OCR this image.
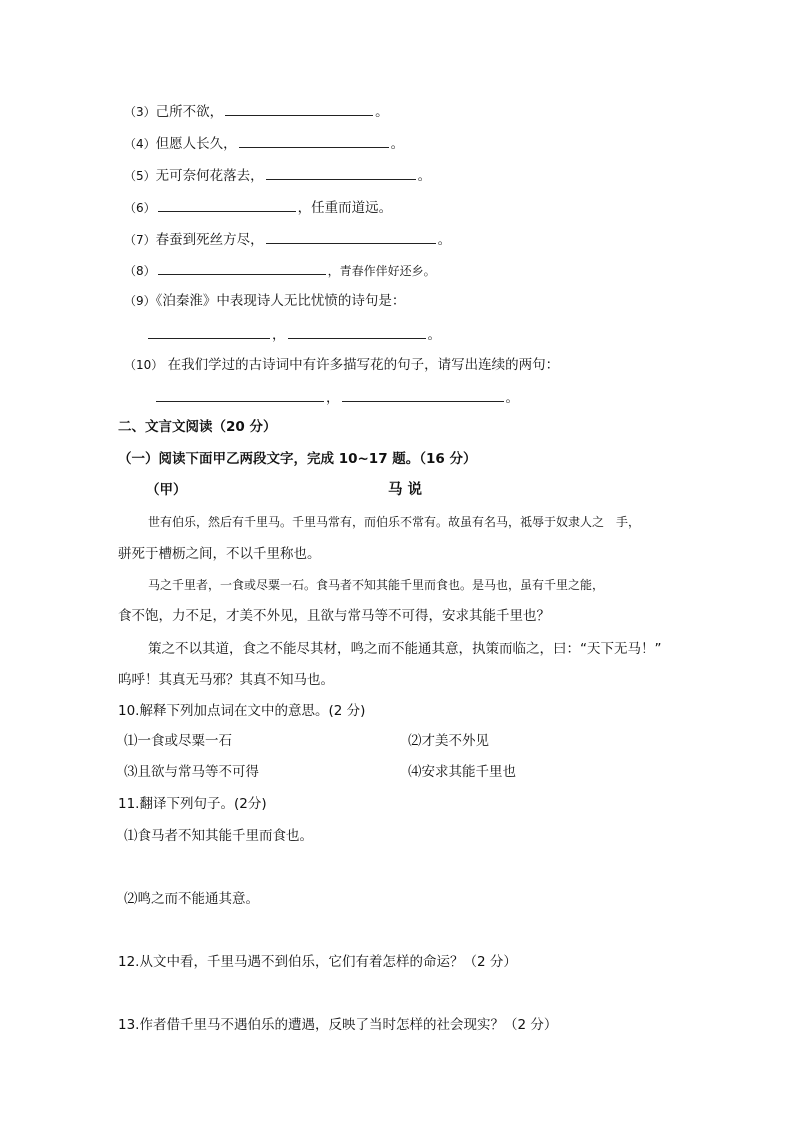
（3）己所不欲，	。
（4）但愿人长久，	。
（5）无可奈何花落去，	。
（6）	，任重而道远。
（7）春蚕到死丝方尽，	。
（8）	，青春作伴好还乡。
（9）《泊秦淮》中表现诗人无比忧愤的诗句是：
，	。
（10） 在我们学过的古诗词中有许多描写花的句子，请写出连续的两句：
，	。
二、文言文阅读（20 分）
（一）阅读下面甲乙两段文字，完成 10~17 题。（16 分）
（甲）	马 说
世有伯乐，然后有千里马。千里马常有，而伯乐不常有。故虽有名马，祗辱于奴隶人之　手，
骈死于槽枥之间，不以千里称也。
马之千里者，一食或尽粟一石。食马者不知其能千里而食也。是马也，虽有千里之能，
食不饱，力不足，才美不外见，且欲与常马等不可得，安求其能千里也？
策之不以其道，食之不能尽其材，鸣之而不能通其意，执策而临之，曰：“天下无马！”
呜呼！其真无马邪？其真不知马也。
10.解释下列加点词在文中的意思。(2 分)
⑴一食或尽粟一石	⑵才美不外见
⑶且欲与常马等不可得	⑷安求其能千里也
11.翻译下列句子。(2分)
⑴食马者不知其能千里而食也。
⑵鸣之而不能通其意。
12.从文中看，千里马遇不到伯乐，它们有着怎样的命运？（2 分）
13.作者借千里马不遇伯乐的遭遇，反映了当时怎样的社会现实？（2 分）
